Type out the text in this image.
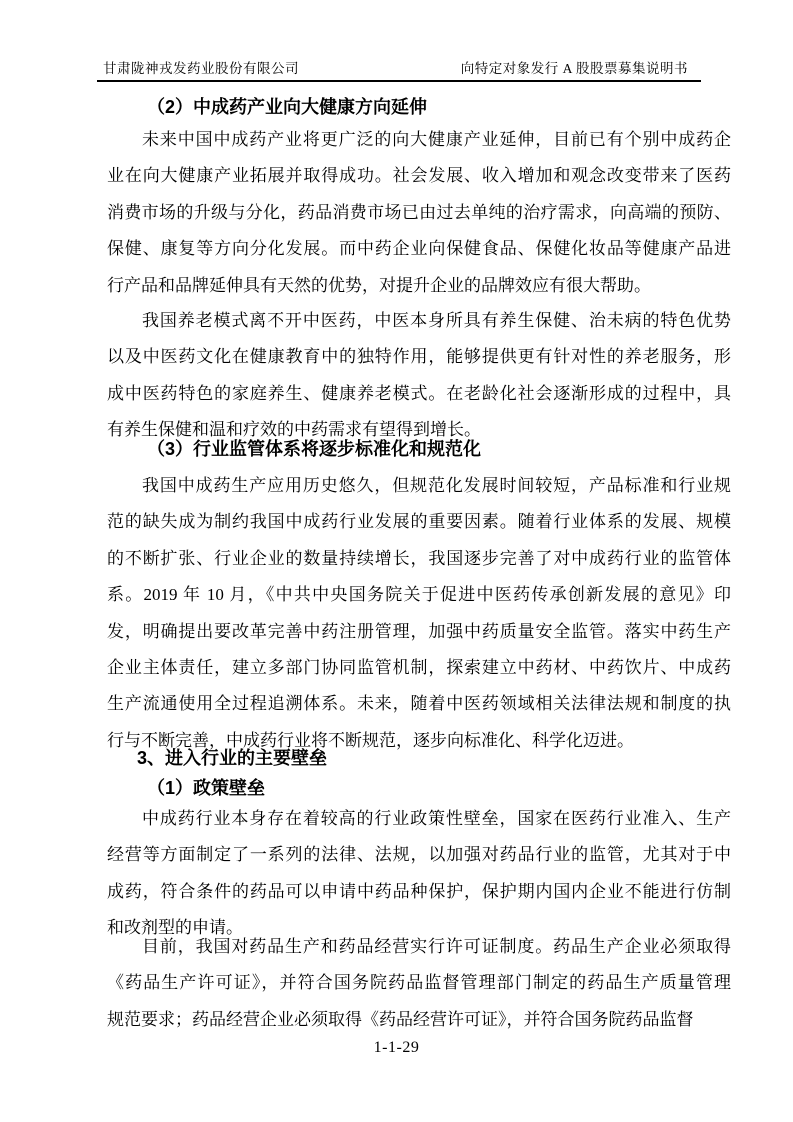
甘肃陇神戎发药业股份有限公司	向特定对象发行 A 股股票募集说明书
（2）中成药产业向大健康方向延伸
未来中国中成药产业将更广泛的向大健康产业延伸，目前已有个别中成药企
业在向大健康产业拓展并取得成功。社会发展、收入增加和观念改变带来了医药
消费市场的升级与分化，药品消费市场已由过去单纯的治疗需求，向高端的预防、
保健、康复等方向分化发展。而中药企业向保健食品、保健化妆品等健康产品进
行产品和品牌延伸具有天然的优势，对提升企业的品牌效应有很大帮助。
我国养老模式离不开中医药，中医本身所具有养生保健、治未病的特色优势
以及中医药文化在健康教育中的独特作用，能够提供更有针对性的养老服务，形
成中医药特色的家庭养生、健康养老模式。在老龄化社会逐渐形成的过程中，具
有养生保健和温和疗效的中药需求有望得到增长。
（3）行业监管体系将逐步标准化和规范化
我国中成药生产应用历史悠久，但规范化发展时间较短，产品标准和行业规
范的缺失成为制约我国中成药行业发展的重要因素。随着行业体系的发展、规模
的不断扩张、行业企业的数量持续增长，我国逐步完善了对中成药行业的监管体
系。2019 年 10 月，《中共中央国务院关于促进中医药传承创新发展的意见》印
发，明确提出要改革完善中药注册管理，加强中药质量安全监管。落实中药生产
企业主体责任，建立多部门协同监管机制，探索建立中药材、中药饮片、中成药
生产流通使用全过程追溯体系。未来，随着中医药领域相关法律法规和制度的执
行与不断完善，中成药行业将不断规范，逐步向标准化、科学化迈进。
3、进入行业的主要壁垒
（1）政策壁垒
中成药行业本身存在着较高的行业政策性壁垒，国家在医药行业准入、生产
经营等方面制定了一系列的法律、法规，以加强对药品行业的监管，尤其对于中
成药，符合条件的药品可以申请中药品种保护，保护期内国内企业不能进行仿制
和改剂型的申请。
目前，我国对药品生产和药品经营实行许可证制度。药品生产企业必须取得
《药品生产许可证》，并符合国务院药品监督管理部门制定的药品生产质量管理
规范要求；药品经营企业必须取得《药品经营许可证》，并符合国务院药品监督
1-1-29
